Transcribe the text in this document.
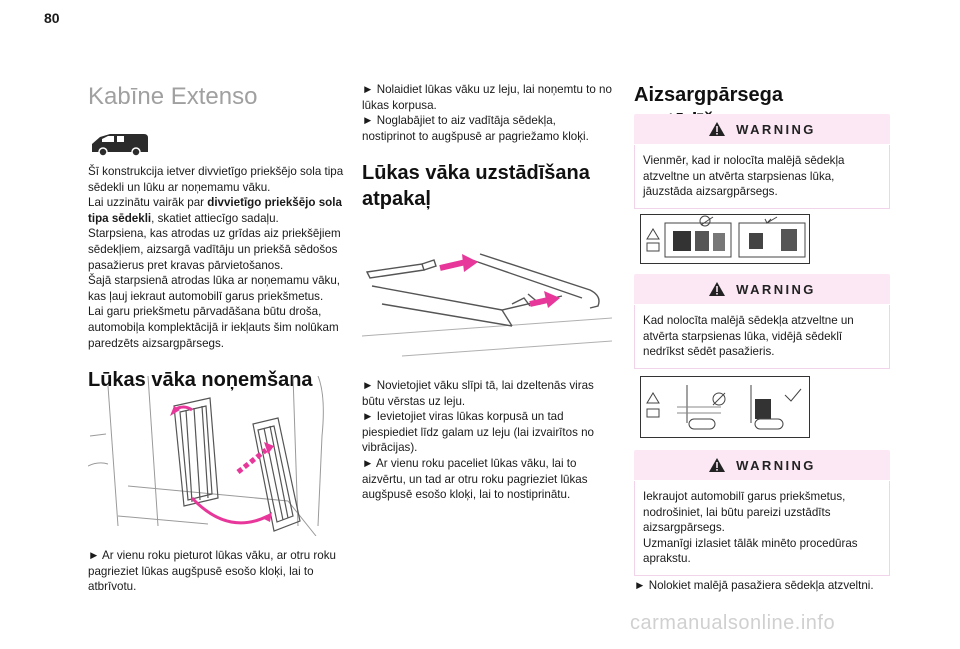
80
Kabīne Extenso

Šī konstrukcija ietver divvietīgo priekšējo sola tipa sēdekli un lūku ar noņemamu vāku.
Lai uzzinātu vairāk par divvietīgo priekšējo sola tipa sēdekli, skatiet attiecīgo sadaļu.
Starpsiena, kas atrodas uz grīdas aiz priekšējiem sēdekļiem, aizsargā vadītāju un priekšā sēdošos pasažierus pret kravas pārvietošanos.
Šajā starpsienā atrodas lūka ar noņemamu vāku, kas ļauj iekraut automobilī garus priekšmetus.
Lai garu priekšmetu pārvadāšana būtu droša, automobiļa komplektācijā ir iekļauts šim nolūkam paredzēts aizsargpārsegs.

Lūkas vāka noņemšana

► Ar vienu roku pieturot lūkas vāku, ar otru roku pagrieziet lūkas augšpusē esošo kloķi, lai to atbrīvotu.

► Nolaidiet lūkas vāku uz leju, lai noņemtu to no lūkas korpusa.

► Noglabājiet to aiz vadītāja sēdekļa, nostiprinot to augšpusē ar pagriežamo kloķi.

Lūkas vāka uzstādīšana atpakaļ

► Novietojiet vāku slīpi tā, lai dzeltenās viras būtu vērstas uz leju.

► Ievietojiet viras lūkas korpusā un tad piespiediet līdz galam uz leju (lai izvairītos no vibrācijas).

► Ar vienu roku paceliet lūkas vāku, lai to aizvērtu, un tad ar otru roku pagrieziet lūkas augšpusē esošo kloķi, lai to nostiprinātu.

Aizsargpārsega
WARNING
Vienmēr, kad ir nolocīta malējā sēdekļa atzveltne un atvērta starpsienas lūka, jāuzstāda aizsargpārsegs.
WARNING
Kad nolocīta malējā sēdekļa atzveltne un atvērta starpsienas lūka, vidējā sēdeklī nedrīkst sēdēt pasažieris.
WARNING
Iekraujot automobilī garus priekšmetus, nodrošiniet, lai būtu pareizi uzstādīts aizsargpārsegs.
Uzmanīgi izlasiet tālāk minēto procedūras aprakstu.

► Nolokiet malējā pasažiera sēdekļa atzveltni.

carmanualsonline.info
